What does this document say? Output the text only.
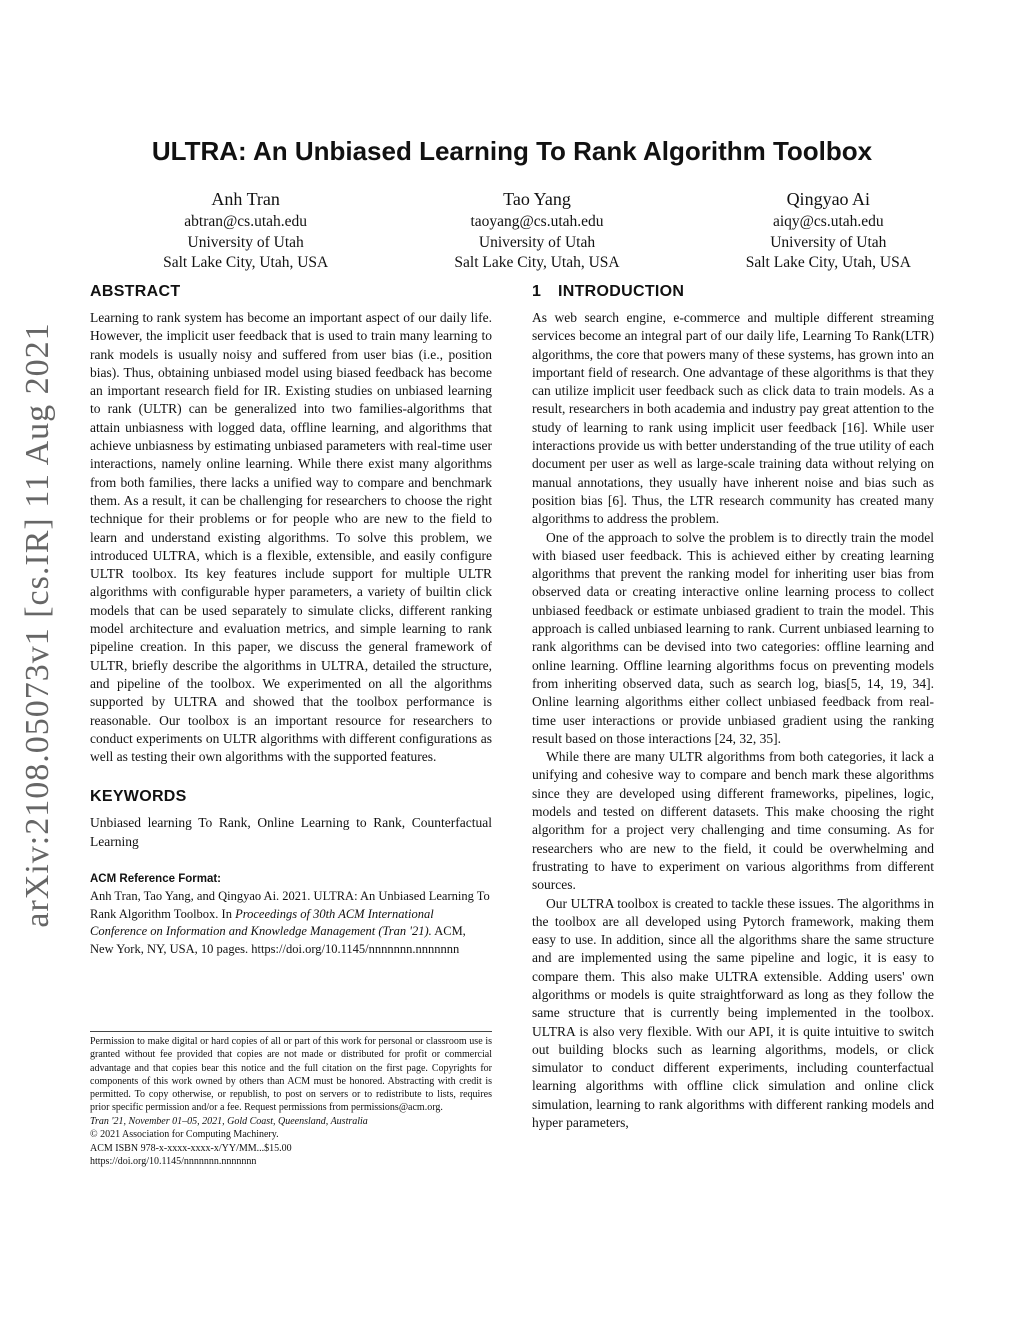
arXiv:2108.05073v1 [cs.IR] 11 Aug 2021
ULTRA: An Unbiased Learning To Rank Algorithm Toolbox
Anh Tran
abtran@cs.utah.edu
University of Utah
Salt Lake City, Utah, USA
Tao Yang
taoyang@cs.utah.edu
University of Utah
Salt Lake City, Utah, USA
Qingyao Ai
aiqy@cs.utah.edu
University of Utah
Salt Lake City, Utah, USA
ABSTRACT

Learning to rank system has become an important aspect of our daily life. However, the implicit user feedback that is used to train many learning to rank models is usually noisy and suffered from user bias (i.e., position bias). Thus, obtaining unbiased model using biased feedback has become an important research field for IR. Existing studies on unbiased learning to rank (ULTR) can be generalized into two families-algorithms that attain unbiasness with logged data, offline learning, and algorithms that achieve unbiasness by estimating unbiased parameters with real-time user interactions, namely online learning. While there exist many algorithms from both families, there lacks a unified way to compare and benchmark them. As a result, it can be challenging for researchers to choose the right technique for their problems or for people who are new to the field to learn and understand existing algorithms. To solve this problem, we introduced ULTRA, which is a flexible, extensible, and easily configure ULTR toolbox. Its key features include support for multiple ULTR algorithms with configurable hyper parameters, a variety of builtin click models that can be used separately to simulate clicks, different ranking model architecture and evaluation metrics, and simple learning to rank pipeline creation. In this paper, we discuss the general framework of ULTR, briefly describe the algorithms in ULTRA, detailed the structure, and pipeline of the toolbox. We experimented on all the algorithms supported by ULTRA and showed that the toolbox performance is reasonable. Our toolbox is an important resource for researchers to conduct experiments on ULTR algorithms with different configurations as well as testing their own algorithms with the supported features.

KEYWORDS

Unbiased learning To Rank, Online Learning to Rank, Counterfactual Learning

ACM Reference Format:

Anh Tran, Tao Yang, and Qingyao Ai. 2021. ULTRA: An Unbiased Learning To Rank Algorithm Toolbox. In Proceedings of 30th ACM International Conference on Information and Knowledge Management (Tran '21). ACM, New York, NY, USA, 10 pages. https://doi.org/10.1145/nnnnnnn.nnnnnnn

Permission to make digital or hard copies of all or part of this work for personal or classroom use is granted without fee provided that copies are not made or distributed for profit or commercial advantage and that copies bear this notice and the full citation on the first page. Copyrights for components of this work owned by others than ACM must be honored. Abstracting with credit is permitted. To copy otherwise, or republish, to post on servers or to redistribute to lists, requires prior specific permission and/or a fee. Request permissions from permissions@acm.org.

Tran '21, November 01–05, 2021, Gold Coast, Queensland, Australia
© 2021 Association for Computing Machinery.
ACM ISBN 978-x-xxxx-xxxx-x/YY/MM...$15.00
https://doi.org/10.1145/nnnnnnn.nnnnnnn
1 INTRODUCTION

As web search engine, e-commerce and multiple different streaming services become an integral part of our daily life, Learning To Rank(LTR) algorithms, the core that powers many of these systems, has grown into an important field of research. One advantage of these algorithms is that they can utilize implicit user feedback such as click data to train models. As a result, researchers in both academia and industry pay great attention to the study of learning to rank using implicit user feedback [16]. While user interactions provide us with better understanding of the true utility of each document per user as well as large-scale training data without relying on manual annotations, they usually have inherent noise and bias such as position bias [6]. Thus, the LTR research community has created many algorithms to address the problem.

One of the approach to solve the problem is to directly train the model with biased user feedback. This is achieved either by creating learning algorithms that prevent the ranking model for inheriting user bias from observed data or creating interactive online learning process to collect unbiased feedback or estimate unbiased gradient to train the model. This approach is called unbiased learning to rank. Current unbiased learning to rank algorithms can be devised into two categories: offline learning and online learning. Offline learning algorithms focus on preventing models from inheriting observed data, such as search log, bias[5, 14, 19, 34]. Online learning algorithms either collect unbiased feedback from real-time user interactions or provide unbiased gradient using the ranking result based on those interactions [24, 32, 35].

While there are many ULTR algorithms from both categories, it lack a unifying and cohesive way to compare and bench mark these algorithms since they are developed using different frameworks, pipelines, logic, models and tested on different datasets. This make choosing the right algorithm for a project very challenging and time consuming. As for researchers who are new to the field, it could be overwhelming and frustrating to have to experiment on various algorithms from different sources.

Our ULTRA toolbox is created to tackle these issues. The algorithms in the toolbox are all developed using Pytorch framework, making them easy to use. In addition, since all the algorithms share the same structure and are implemented using the same pipeline and logic, it is easy to compare them. This also make ULTRA extensible. Adding users' own algorithms or models is quite straightforward as long as they follow the same structure that is currently being implemented in the toolbox. ULTRA is also very flexible. With our API, it is quite intuitive to switch out building blocks such as learning algorithms, models, or click simulator to conduct different experiments, including counterfactual learning algorithms with offline click simulation and online click simulation, learning to rank algorithms with different ranking models and hyper parameters,
